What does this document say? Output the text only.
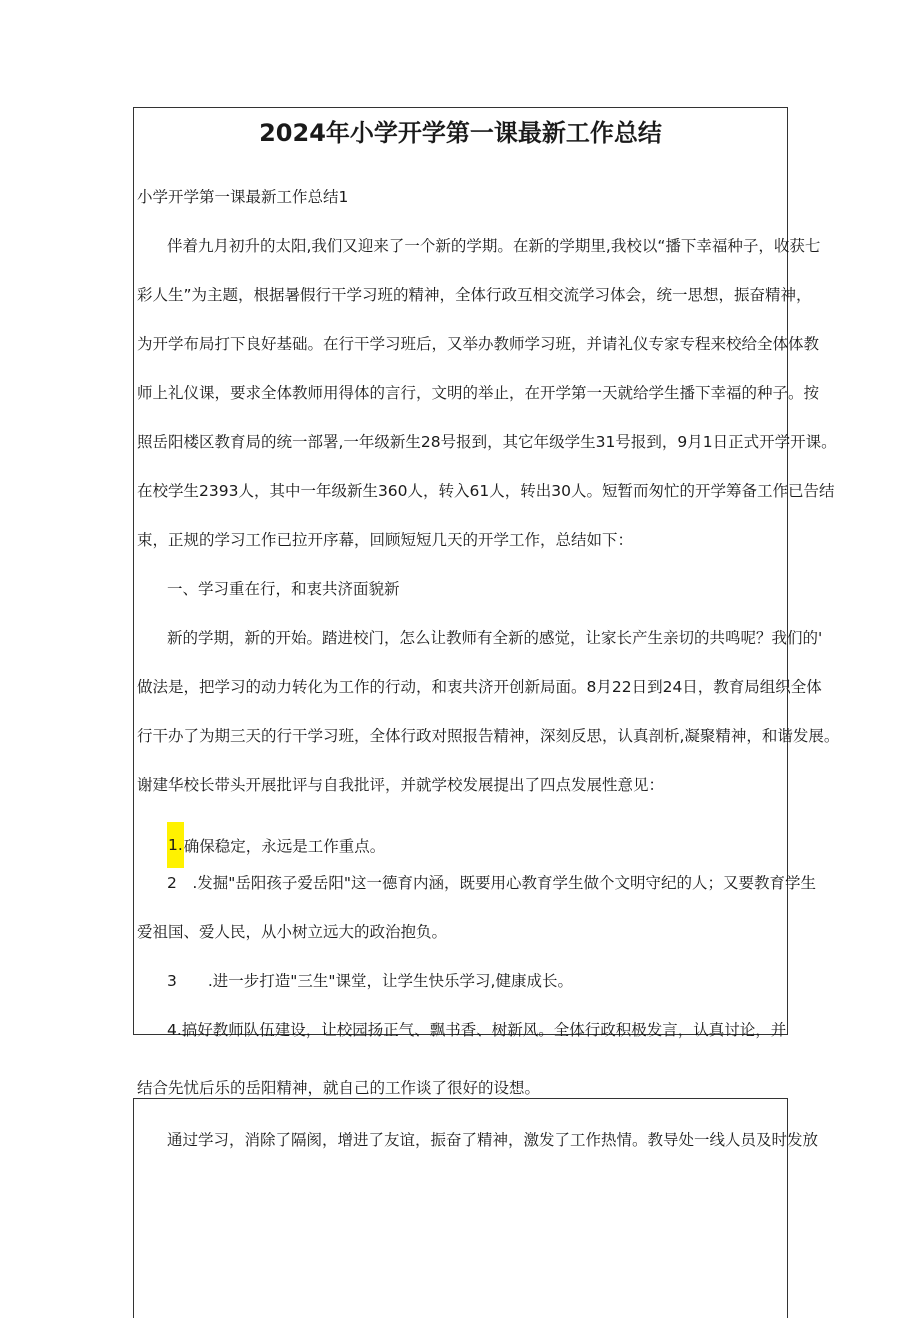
2024年小学开学第一课最新工作总结
小学开学第一课最新工作总结1
伴着九月初升的太阳,我们又迎来了一个新的学期。在新的学期里,我校以“播下幸福种子，收获七
彩人生”为主题，根据暑假行干学习班的精神，全体行政互相交流学习体会，统一思想，振奋精神，
为开学布局打下良好基础。在行干学习班后，又举办教师学习班，并请礼仪专家专程来校给全体体教
师上礼仪课，要求全体教师用得体的言行，文明的举止，在开学第一天就给学生播下幸福的种子。按
照岳阳楼区教育局的统一部署,一年级新生28号报到，其它年级学生31号报到，9月1日正式开学开课。
在校学生2393人，其中一年级新生360人，转入61人，转出30人。短暂而匆忙的开学筹备工作已告结
束，正规的学习工作已拉开序幕，回顾短短几天的开学工作，总结如下：
一、学习重在行，和衷共济面貌新
新的学期，新的开始。踏进校门，怎么让教师有全新的感觉，让家长产生亲切的共鸣呢？我们的'
做法是，把学习的动力转化为工作的行动，和衷共济开创新局面。8月22日到24日，教育局组织全体
行干办了为期三天的行干学习班，全体行政对照报告精神，深刻反思，认真剖析,凝聚精神，和谐发展。
谢建华校长带头开展批评与自我批评，并就学校发展提出了四点发展性意见：
1.确保稳定，永远是工作重点。
2　.发掘"岳阳孩子爱岳阳"这一德育内涵，既要用心教育学生做个文明守纪的人；又要教育学生
爱祖国、爱人民，从小树立远大的政治抱负。
3　　.进一步打造"三生"课堂，让学生快乐学习,健康成长。
4.搞好教师队伍建设，让校园扬正气、飘书香、树新风。全体行政积极发言，认真讨论，并
结合先忧后乐的岳阳精神，就自己的工作谈了很好的设想。
通过学习，消除了隔阂，增进了友谊，振奋了精神，激发了工作热情。教导处一线人员及时发放
